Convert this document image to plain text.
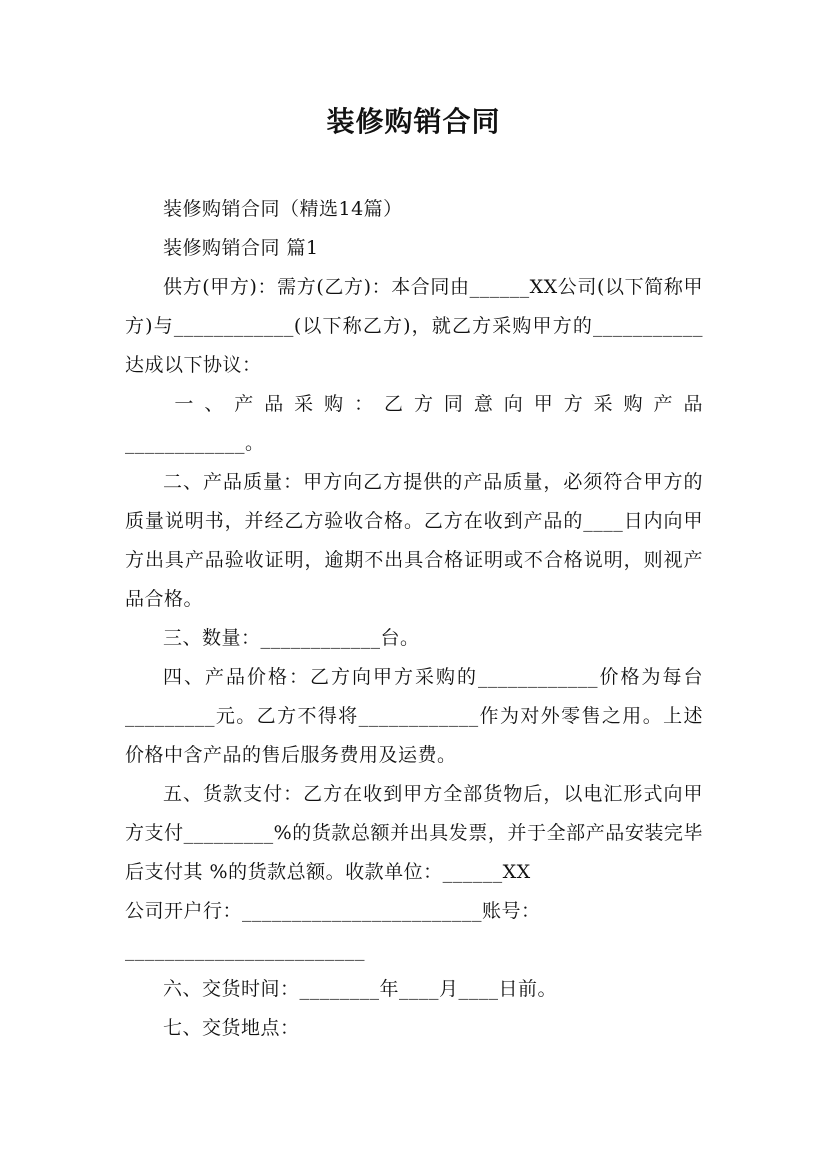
装修购销合同

装修购销合同（精选14篇）

装修购销合同 篇1

供方(甲方)：需方(乙方)：本合同由______XX公司(以下简称甲方)与____________(以下称乙方)，就乙方采购甲方的___________达成以下协议：

一、产品采购：乙方同意向甲方采购产品

____________。

二、产品质量：甲方向乙方提供的产品质量，必须符合甲方的质量说明书，并经乙方验收合格。乙方在收到产品的____日内向甲方出具产品验收证明，逾期不出具合格证明或不合格说明，则视产品合格。

三、数量：____________台。

四、产品价格：乙方向甲方采购的____________价格为每台_________元。乙方不得将____________作为对外零售之用。上述价格中含产品的售后服务费用及运费。

五、货款支付：乙方在收到甲方全部货物后，以电汇形式向甲方支付_________%的货款总额并出具发票，并于全部产品安装完毕后支付其 %的货款总额。收款单位：______XX

公司开户行：________________________账号：

________________________

六、交货时间：________年____月____日前。

七、交货地点：
